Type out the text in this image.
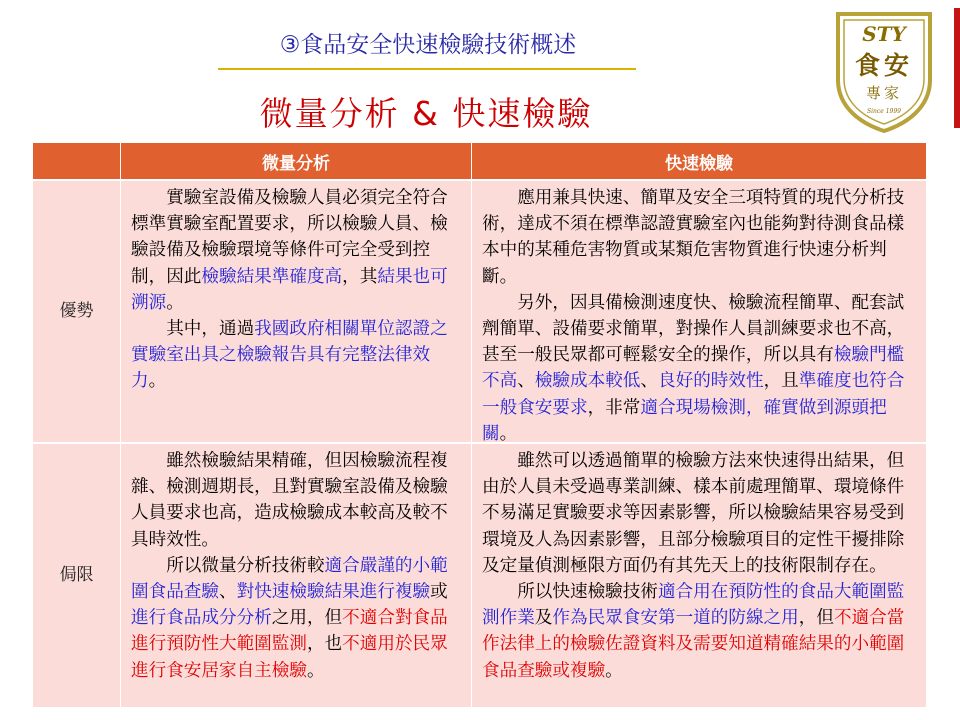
③食品安全快速檢驗技術概述
微量分析 & 快速檢驗
STY
食安
專家
Since 1999
微量分析	快速檢驗
優勢

實驗室設備及檢驗人員必須完全符合標準實驗室配置要求，所以檢驗人員、檢驗設備及檢驗環境等條件可完全受到控制，因此檢驗結果準確度高，其結果也可溯源。

其中，通過我國政府相關單位認證之實驗室出具之檢驗報告具有完整法律效力。

應用兼具快速、簡單及安全三項特質的現代分析技術，達成不須在標準認證實驗室內也能夠對待測食品樣本中的某種危害物質或某類危害物質進行快速分析判斷。

另外，因具備檢測速度快、檢驗流程簡單、配套試劑簡單、設備要求簡單，對操作人員訓練要求也不高，甚至一般民眾都可輕鬆安全的操作，所以具有檢驗門檻不高、檢驗成本較低、良好的時效性，且準確度也符合一般食安要求，非常適合現場檢測，確實做到源頭把關。

侷限

雖然檢驗結果精確，但因檢驗流程複雜、檢測週期長，且對實驗室設備及檢驗人員要求也高，造成檢驗成本較高及較不具時效性。

所以微量分析技術較適合嚴謹的小範圍食品查驗、對快速檢驗結果進行複驗或進行食品成分分析之用，但不適合對食品進行預防性大範圍監測，也不適用於民眾進行食安居家自主檢驗。

雖然可以透過簡單的檢驗方法來快速得出結果，但由於人員未受過專業訓練、樣本前處理簡單、環境條件不易滿足實驗要求等因素影響，所以檢驗結果容易受到環境及人為因素影響，且部分檢驗項目的定性干擾排除及定量偵測極限方面仍有其先天上的技術限制存在。

所以快速檢驗技術適合用在預防性的食品大範圍監測作業及作為民眾食安第一道的防線之用，但不適合當作法律上的檢驗佐證資料及需要知道精確結果的小範圍食品查驗或複驗。
